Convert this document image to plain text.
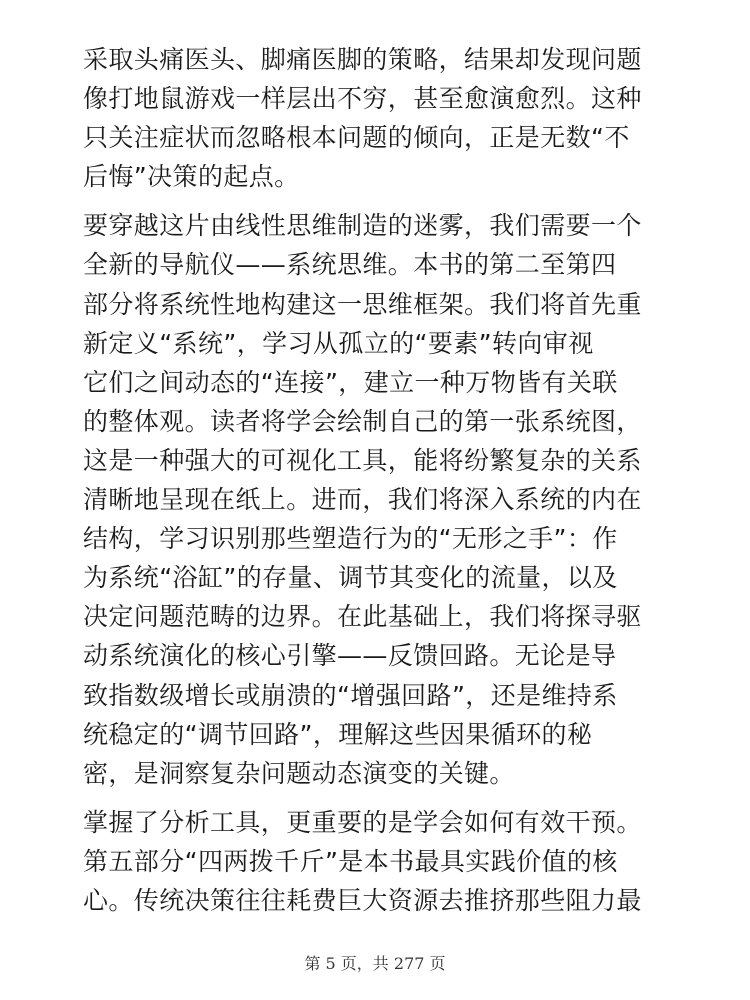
采取头痛医头、脚痛医脚的策略，结果却发现问题
像打地鼠游戏一样层出不穷，甚至愈演愈烈。这种
只关注症状而忽略根本问题的倾向，正是无数“不
后悔”决策的起点。

要穿越这片由线性思维制造的迷雾，我们需要一个
全新的导航仪——系统思维。本书的第二至第四
部分将系统性地构建这一思维框架。我们将首先重
新定义“系统”，学习从孤立的“要素”转向审视
它们之间动态的“连接”，建立一种万物皆有关联
的整体观。读者将学会绘制自己的第一张系统图，
这是一种强大的可视化工具，能将纷繁复杂的关系
清晰地呈现在纸上。进而，我们将深入系统的内在
结构，学习识别那些塑造行为的“无形之手”：作
为系统“浴缸”的存量、调节其变化的流量，以及
决定问题范畴的边界。在此基础上，我们将探寻驱
动系统演化的核心引擎——反馈回路。无论是导
致指数级增长或崩溃的“增强回路”，还是维持系
统稳定的“调节回路”，理解这些因果循环的秘
密，是洞察复杂问题动态演变的关键。

掌握了分析工具，更重要的是学会如何有效干预。
第五部分“四两拨千斤”是本书最具实践价值的核
心。传统决策往往耗费巨大资源去推挤那些阻力最

第 5 页，共 277 页
